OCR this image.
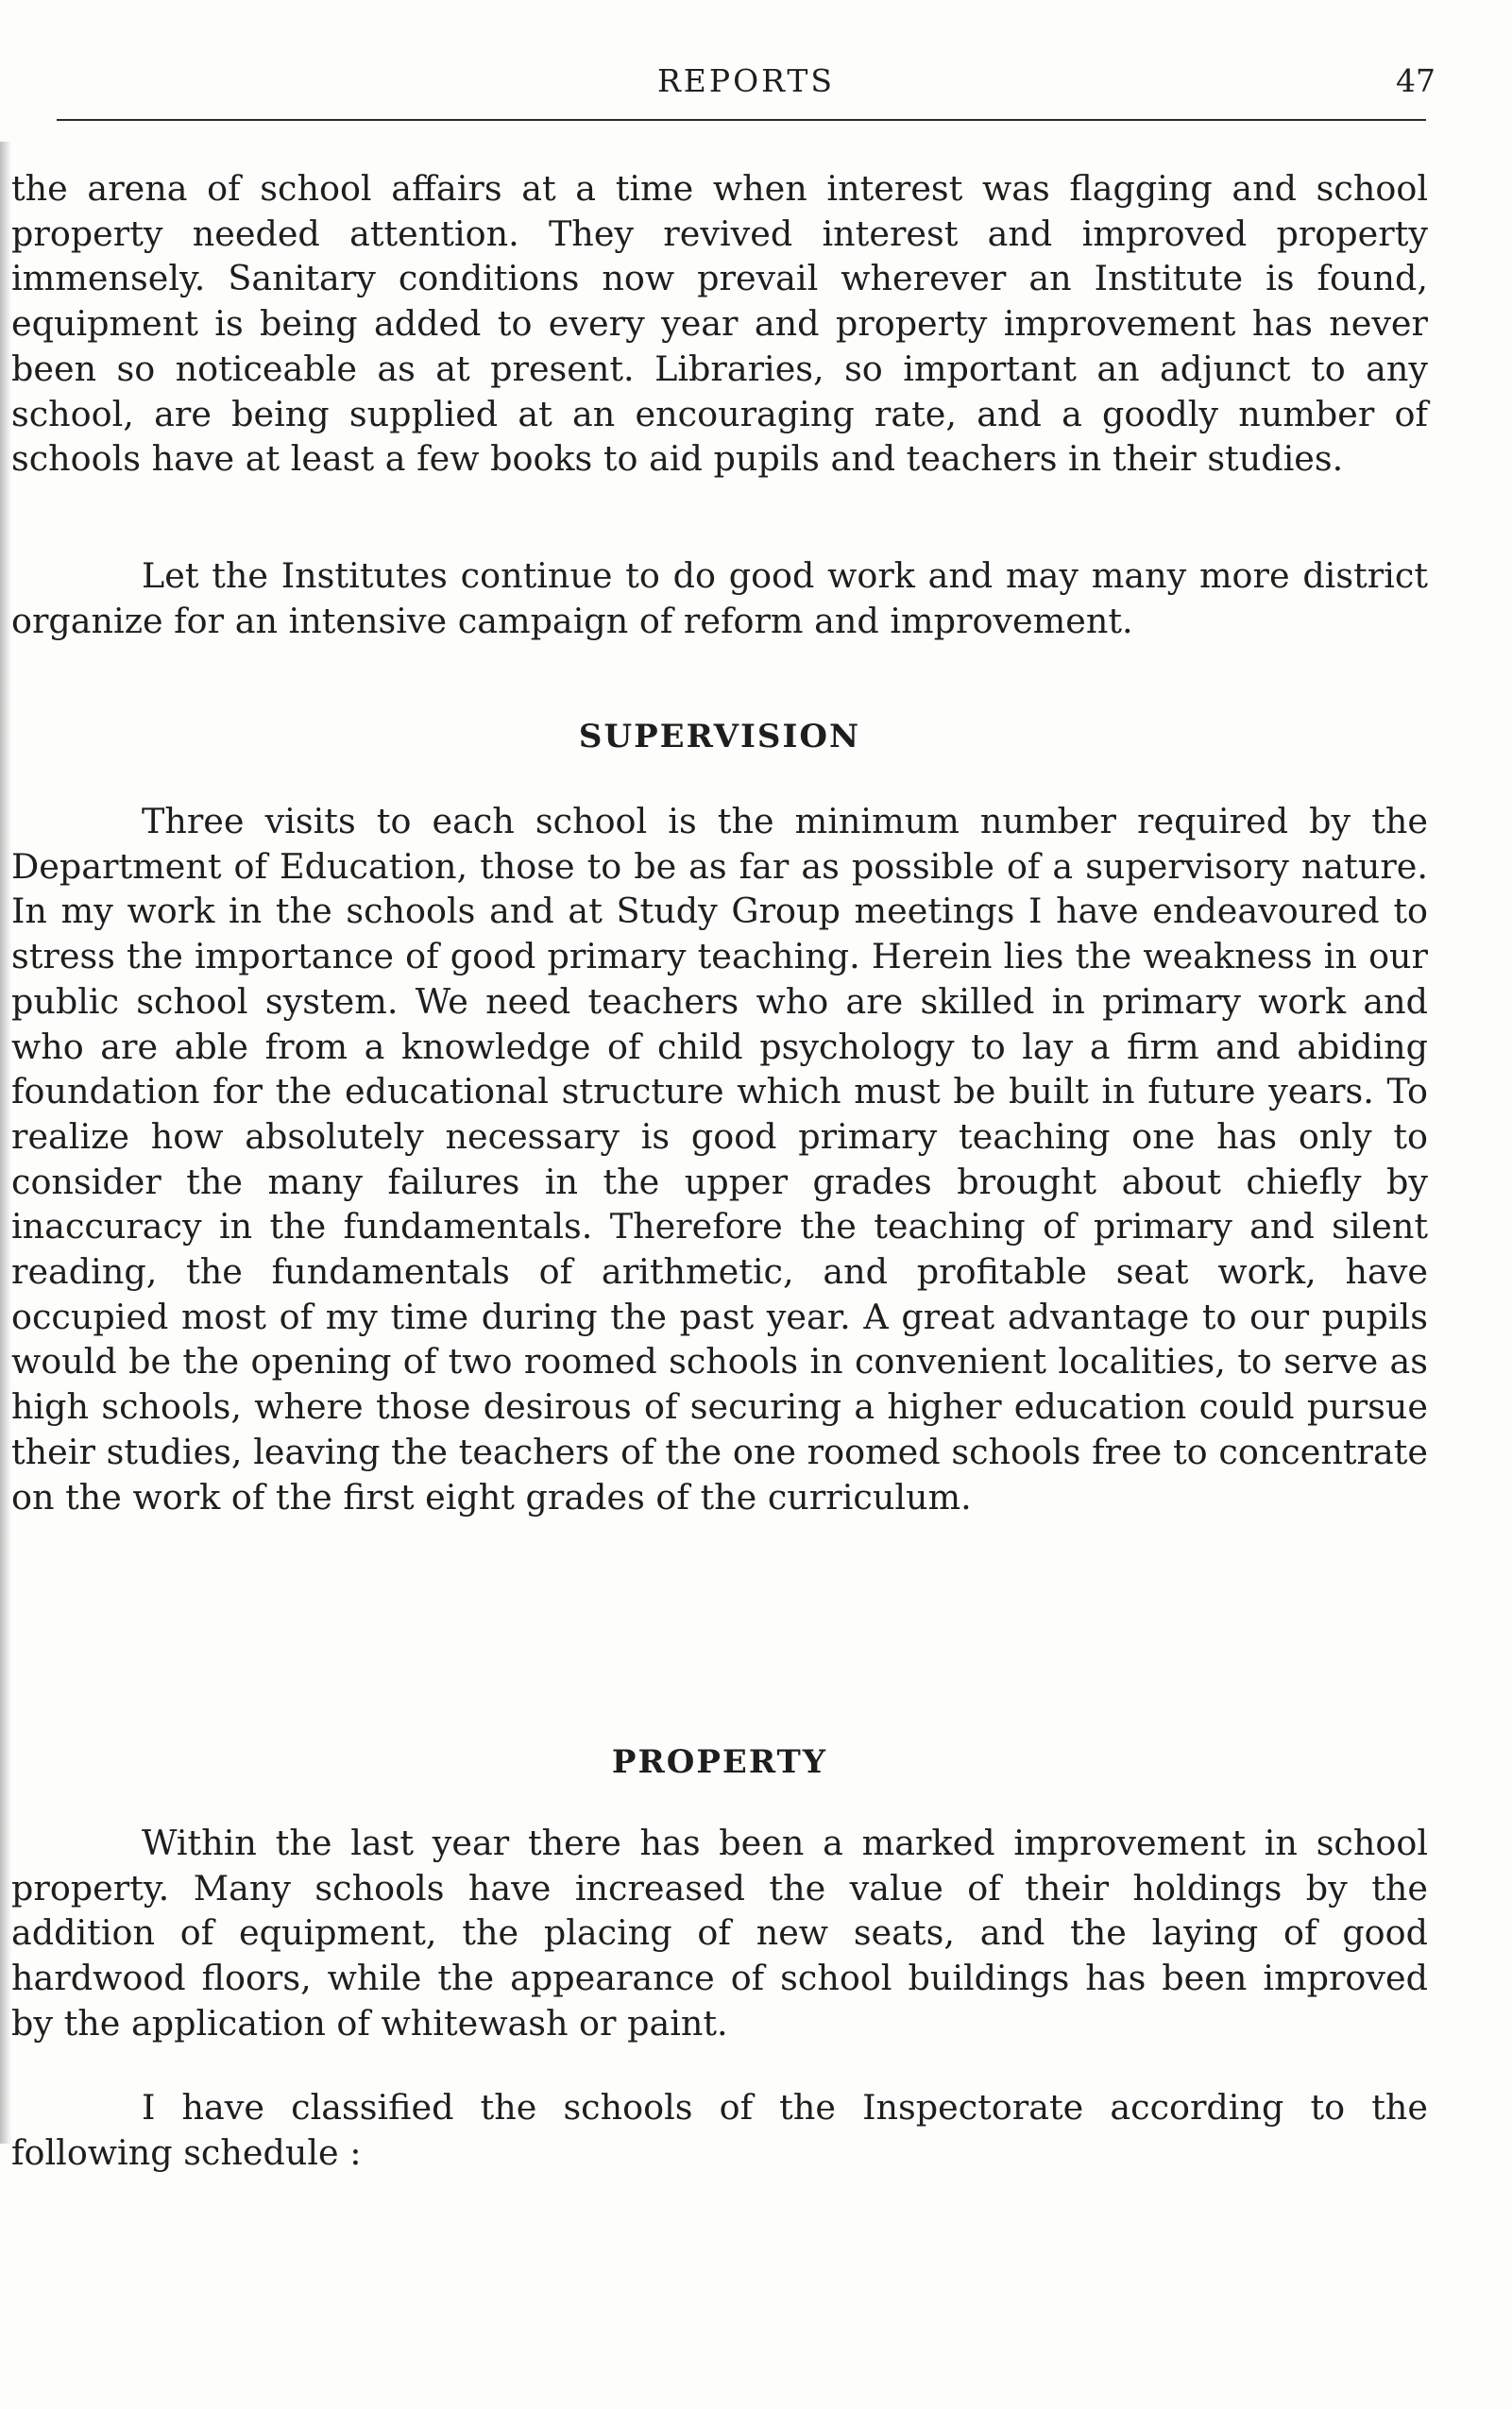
REPORTS	47

the arena of school affairs at a time when interest was flagging and school property needed attention. They revived interest and improved property immensely. Sanitary conditions now prevail wherever an Institute is found, equipment is being added to every year and property improvement has never been so noticeable as at present. Libraries, so important an adjunct to any school, are being supplied at an encouraging rate, and a goodly number of schools have at least a few books to aid pupils and teachers in their studies.

Let the Institutes continue to do good work and may many more district organize for an intensive campaign of reform and improvement.

SUPERVISION

Three visits to each school is the minimum number required by the Department of Education, those to be as far as possible of a supervisory nature. In my work in the schools and at Study Group meetings I have endeavoured to stress the importance of good primary teaching. Herein lies the weakness in our public school system. We need teachers who are skilled in primary work and who are able from a knowledge of child psychology to lay a firm and abiding foundation for the educational structure which must be built in future years. To realize how absolutely necessary is good primary teaching one has only to consider the many failures in the upper grades brought about chiefly by inaccuracy in the fundamentals. Therefore the teaching of primary and silent reading, the fundamentals of arithmetic, and profitable seat work, have occupied most of my time during the past year. A great advantage to our pupils would be the opening of two roomed schools in convenient localities, to serve as high schools, where those desirous of securing a higher education could pursue their studies, leaving the teachers of the one roomed schools free to concentrate on the work of the first eight grades of the curriculum.

PROPERTY

Within the last year there has been a marked improvement in school property. Many schools have increased the value of their holdings by the addition of equipment, the placing of new seats, and the laying of good hardwood floors, while the appearance of school buildings has been improved by the application of whitewash or paint.

I have classified the schools of the Inspectorate according to the following schedule :
